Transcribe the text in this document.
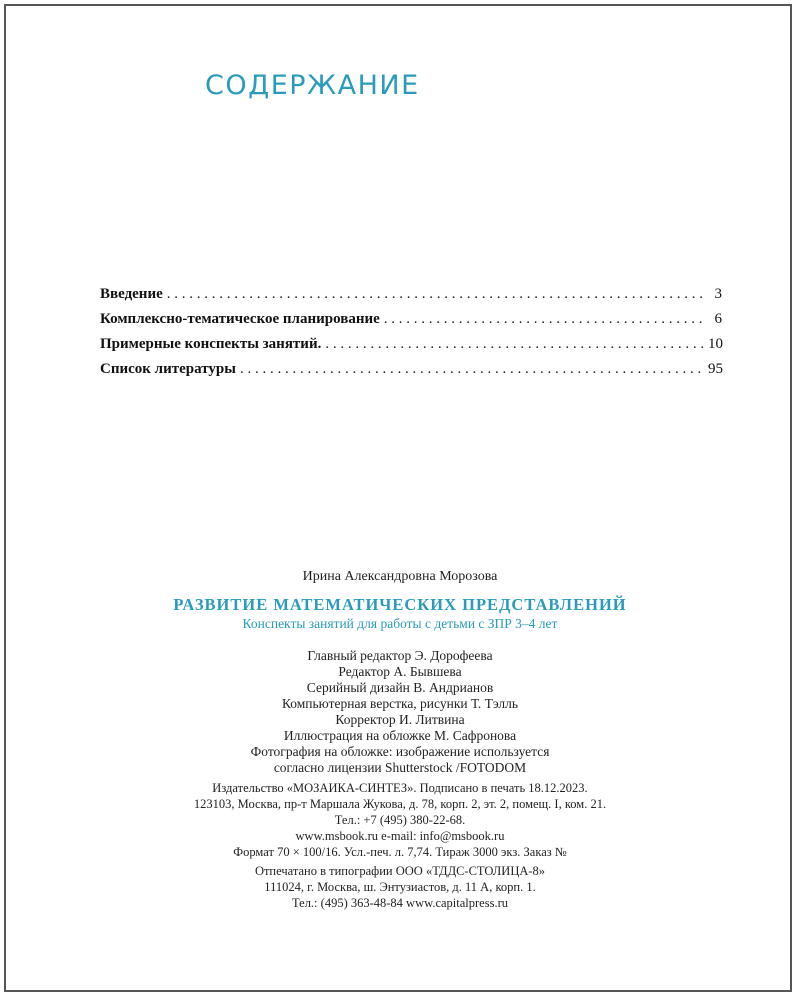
СОДЕРЖАНИЕ
Введение . . .	3
Комплексно-тематическое планирование . . .	6
Примерные конспекты занятий. . . .	10
Список литературы . . .	95
Ирина Александровна Морозова
РАЗВИТИЕ МАТЕМАТИЧЕСКИХ ПРЕДСТАВЛЕНИЙ
Конспекты занятий для работы с детьми с ЗПР 3–4 лет
Главный редактор Э. Дорофеева
Редактор А. Бывшева
Серийный дизайн В. Андрианов
Компьютерная верстка, рисунки Т. Тэлль
Корректор И. Литвина
Иллюстрация на обложке М. Сафронова
Фотография на обложке: изображение используется
согласно лицензии Shutterstock /FOTODOM
Издательство «МОЗАИКА-СИНТЕЗ». Подписано в печать 18.12.2023.
123103, Москва, пр-т Маршала Жукова, д. 78, корп. 2, эт. 2, помещ. I, ком. 21.
Тел.: +7 (495) 380-22-68.
www.msbook.ru e-mail: info@msbook.ru
Формат 70 × 100/16. Усл.-печ. л. 7,74. Тираж 3000 экз. Заказ №
Отпечатано в типографии ООО «ТДДС-СТОЛИЦА-8»
111024, г. Москва, ш. Энтузиастов, д. 11 А, корп. 1.
Тел.: (495) 363-48-84 www.capitalpress.ru
